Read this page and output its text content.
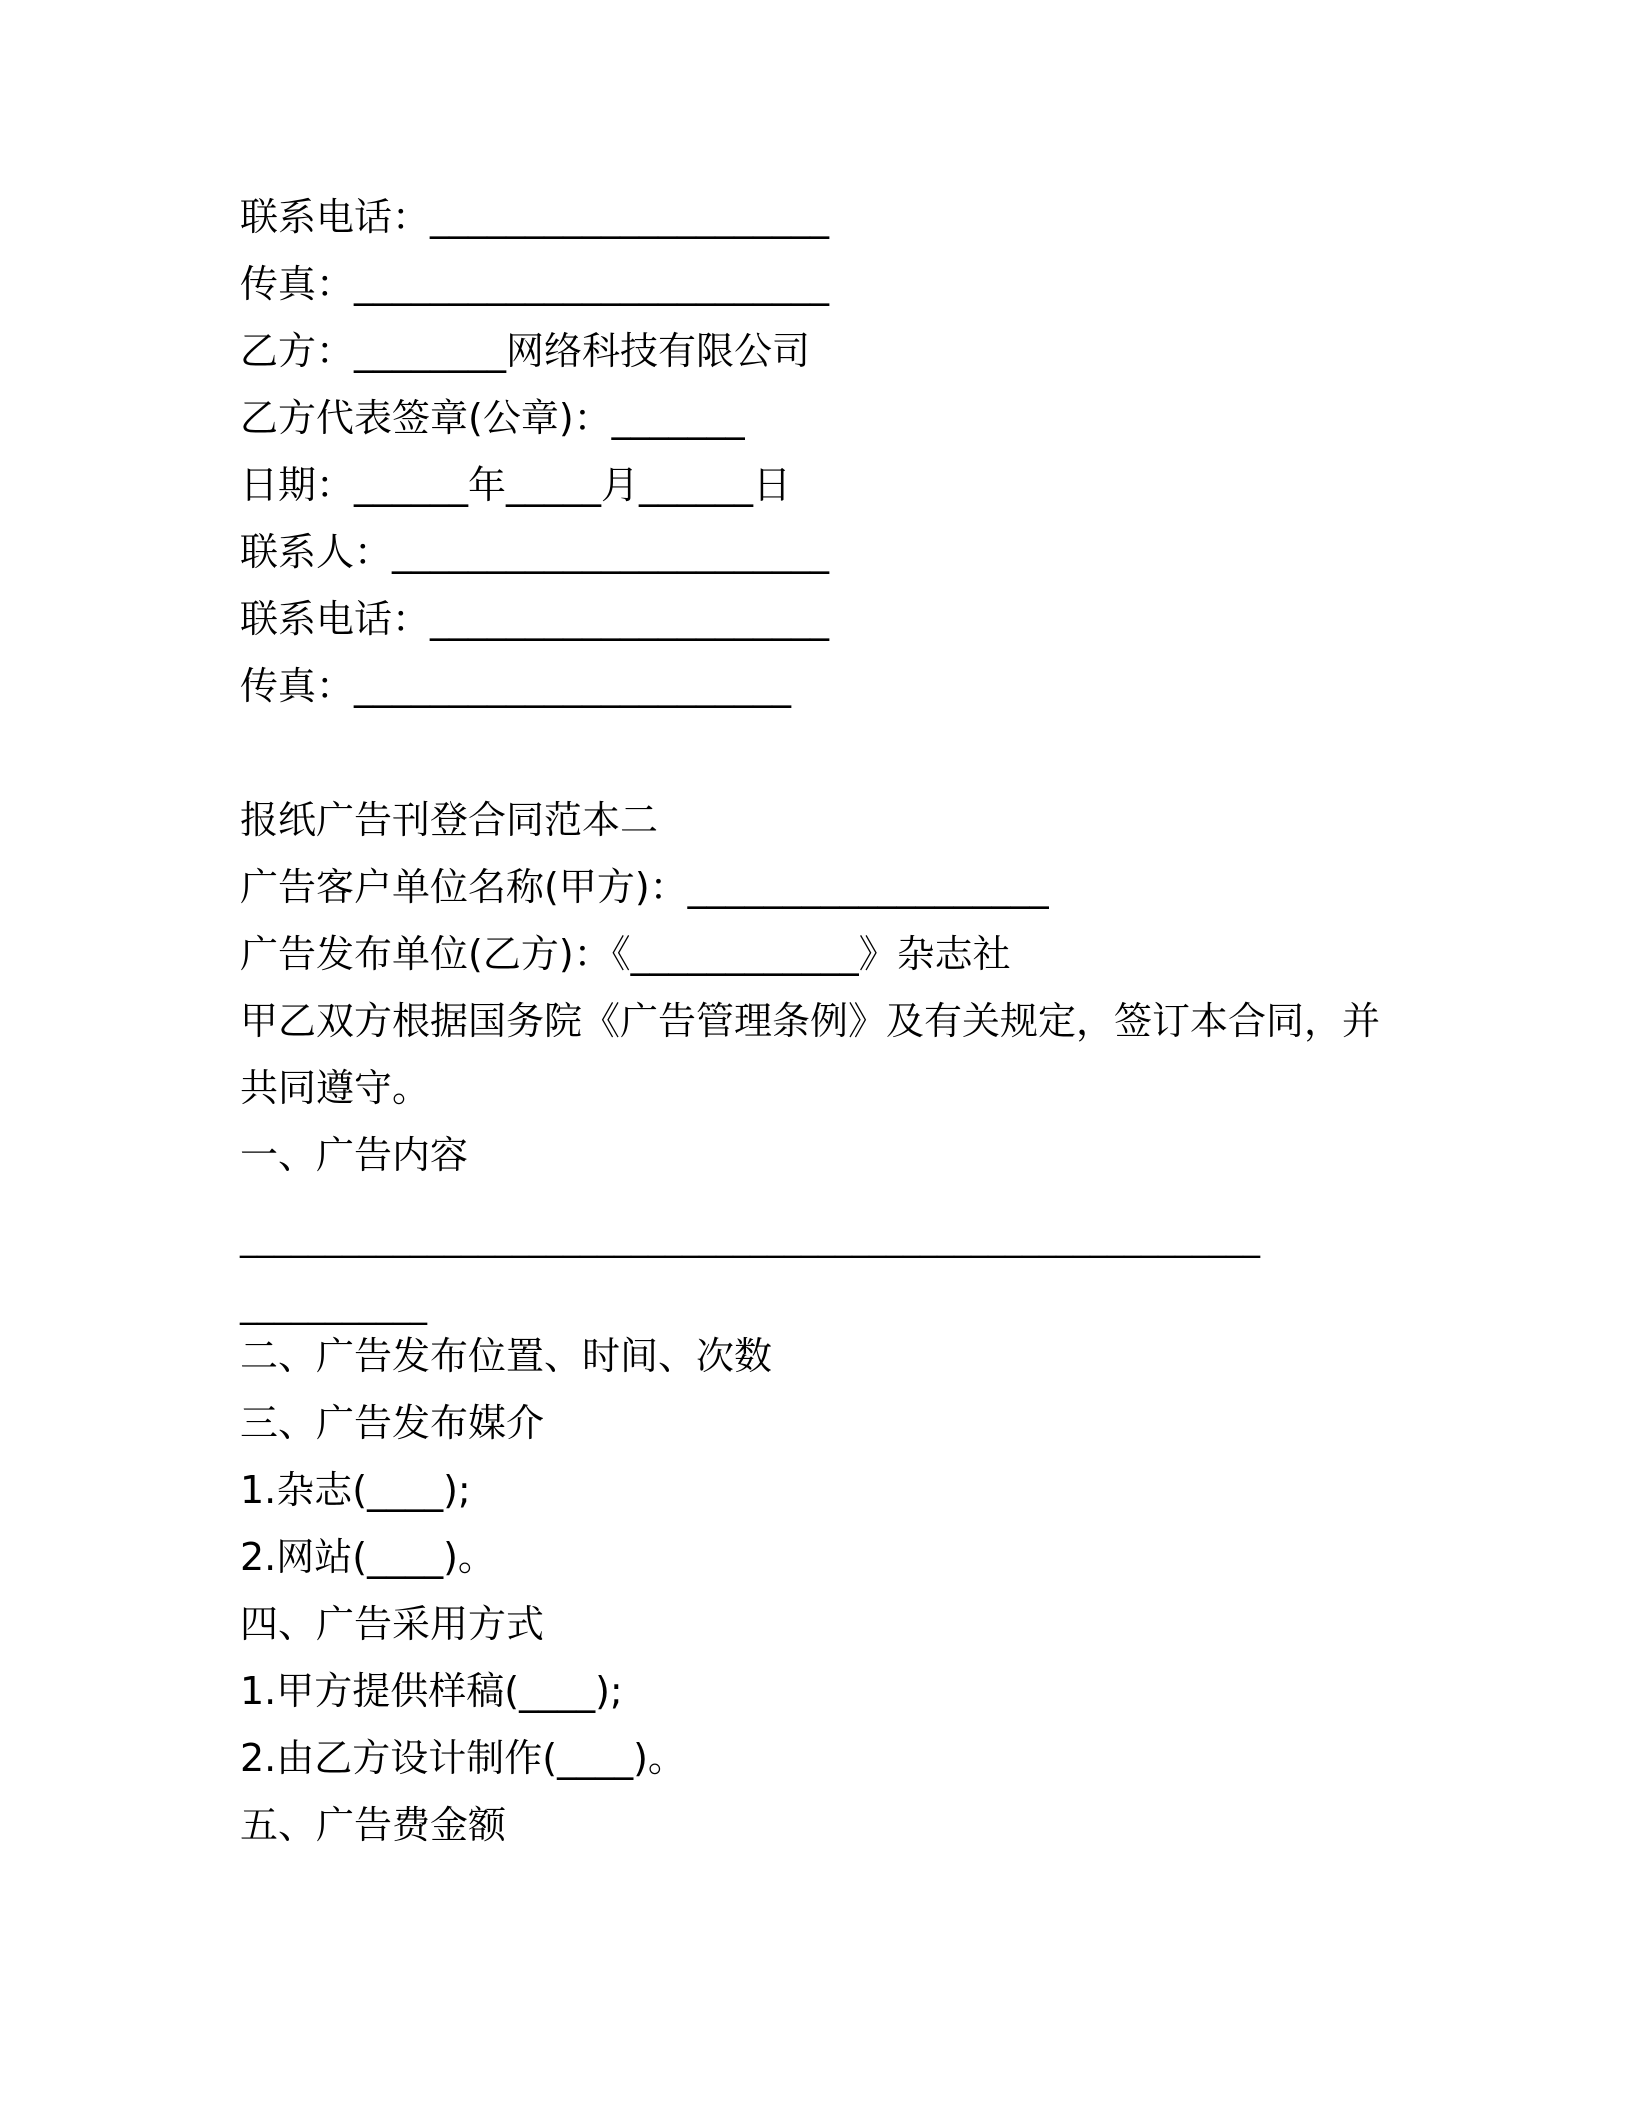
联系电话：_____________________
传真：_________________________
乙方：________网络科技有限公司
乙方代表签章(公章)：_______
日期：______年_____月______日
联系人：_______________________
联系电话：_____________________
传真：_______________________
报纸广告刊登合同范本二
广告客户单位名称(甲方)：___________________
广告发布单位(乙方)：《____________》杂志社
甲乙双方根据国务院《广告管理条例》及有关规定，签订本合同，并
共同遵守。
一、广告内容
____________________________________________________________
___________
二、广告发布位置、时间、次数
三、广告发布媒介
1.杂志(____);
2.网站(____)。
四、广告采用方式
1.甲方提供样稿(____);
2.由乙方设计制作(____)。
五、广告费金额
